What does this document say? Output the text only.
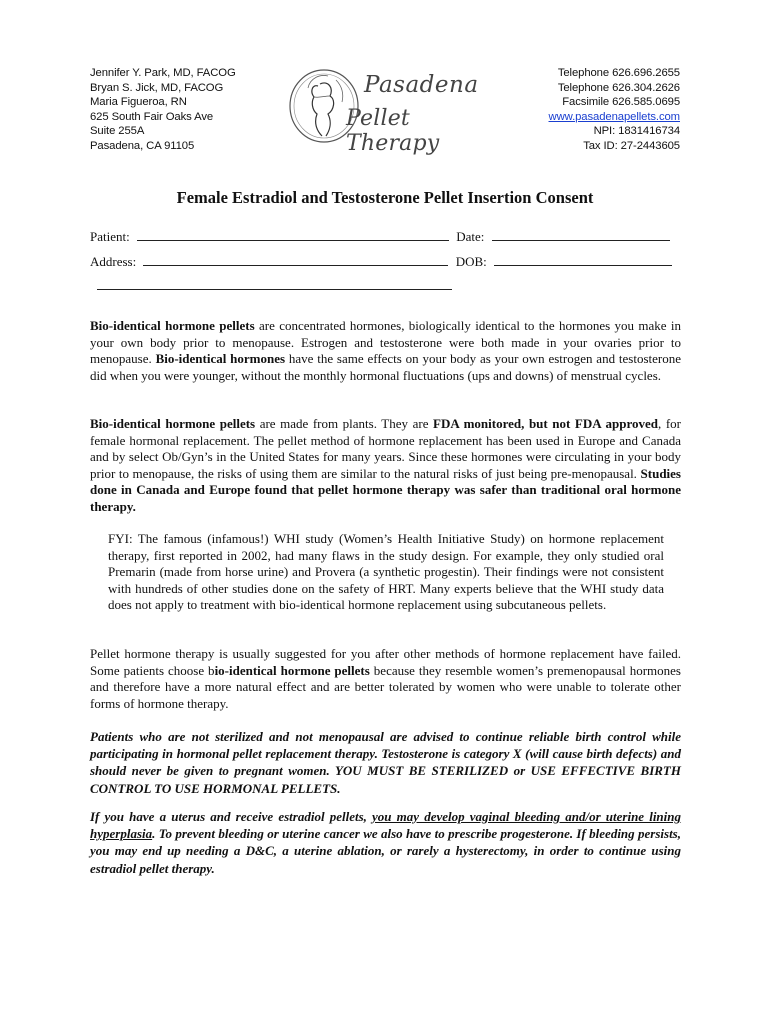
Jennifer Y. Park, MD, FACOG
Bryan S. Jick, MD, FACOG
Maria Figueroa, RN
625 South Fair Oaks Ave
Suite 255A
Pasadena, CA 91105
Pasadena
Pellet Therapy
Telephone 626.696.2655
Telephone 626.304.2626
Facsimile 626.585.0695
www.pasadenapellets.com
NPI: 1831416734
Tax ID: 27-2443605
Female Estradiol and Testosterone Pellet Insertion Consent
Patient:	Date:
Address:	DOB:
Bio-identical hormone pellets are concentrated hormones, biologically identical to the hormones you make in your own body prior to menopause. Estrogen and testosterone were both made in your ovaries prior to menopause. Bio-identical hormones have the same effects on your body as your own estrogen and testosterone did when you were younger, without the monthly hormonal fluctuations (ups and downs) of menstrual cycles.
Bio-identical hormone pellets are made from plants. They are FDA monitored, but not FDA approved, for female hormonal replacement. The pellet method of hormone replacement has been used in Europe and Canada and by select Ob/Gyn’s in the United States for many years. Since these hormones were circulating in your body prior to menopause, the risks of using them are similar to the natural risks of just being pre-menopausal. Studies done in Canada and Europe found that pellet hormone therapy was safer than traditional oral hormone therapy.
FYI: The famous (infamous!) WHI study (Women’s Health Initiative Study) on hormone replacement therapy, first reported in 2002, had many flaws in the study design. For example, they only studied oral Premarin (made from horse urine) and Provera (a synthetic progestin). Their findings were not consistent with hundreds of other studies done on the safety of HRT. Many experts believe that the WHI study data does not apply to treatment with bio-identical hormone replacement using subcutaneous pellets.
Pellet hormone therapy is usually suggested for you after other methods of hormone replacement have failed. Some patients choose bio-identical hormone pellets because they resemble women’s premenopausal hormones and therefore have a more natural effect and are better tolerated by women who were unable to tolerate other forms of hormone therapy.
Patients who are not sterilized and not menopausal are advised to continue reliable birth control while participating in hormonal pellet replacement therapy. Testosterone is category X (will cause birth defects) and should never be given to pregnant women. YOU MUST BE STERILIZED or USE EFFECTIVE BIRTH CONTROL TO USE HORMONAL PELLETS.
If you have a uterus and receive estradiol pellets, you may develop vaginal bleeding and/or uterine lining hyperplasia. To prevent bleeding or uterine cancer we also have to prescribe progesterone. If bleeding persists, you may end up needing a D&C, a uterine ablation, or rarely a hysterectomy, in order to continue using estradiol pellet therapy.
